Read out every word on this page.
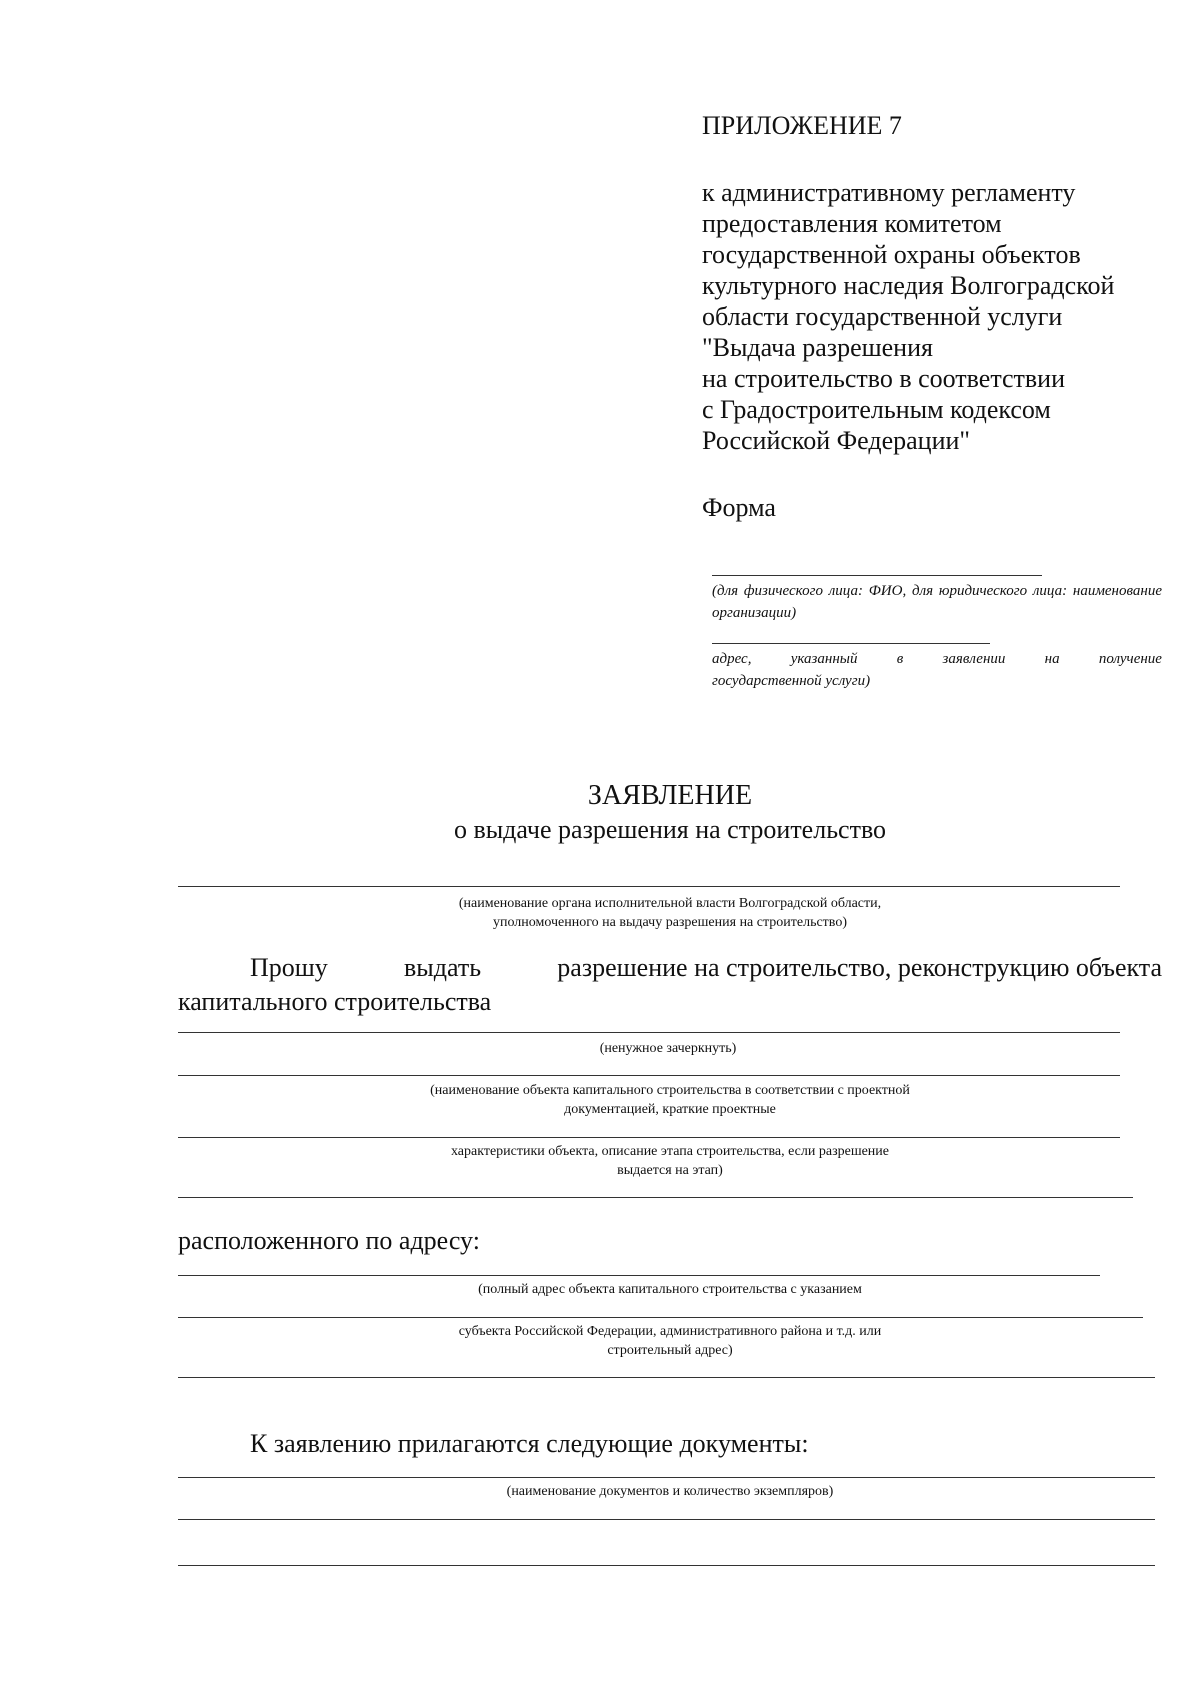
ПРИЛОЖЕНИЕ 7
к административному регламенту
предоставления комитетом
государственной охраны объектов
культурного наследия Волгоградской
области государственной услуги
"Выдача разрешения
на строительство в соответствии
с Градостроительным кодексом
Российской Федерации"
Форма
(для физического лица: ФИО, для юридического лица: наименование организации)
адрес,	указанный	в	заявлении	на	получение
государственной услуги)
ЗАЯВЛЕНИЕ
о выдаче разрешения на строительство
(наименование органа исполнительной власти Волгоградской области,
уполномоченного на выдачу разрешения на строительство)
Прошу	выдать	разрешение на строительство, реконструкцию объекта
капитального строительства
(ненужное зачеркнуть)
(наименование объекта капитального строительства в соответствии с проектной
документацией, краткие проектные
характеристики объекта, описание этапа строительства, если разрешение
выдается на этап)
расположенного по адресу:
(полный адрес объекта капитального строительства с указанием
субъекта Российской Федерации, административного района и т.д. или
строительный адрес)
К заявлению прилагаются следующие документы:
(наименование документов и количество экземпляров)
